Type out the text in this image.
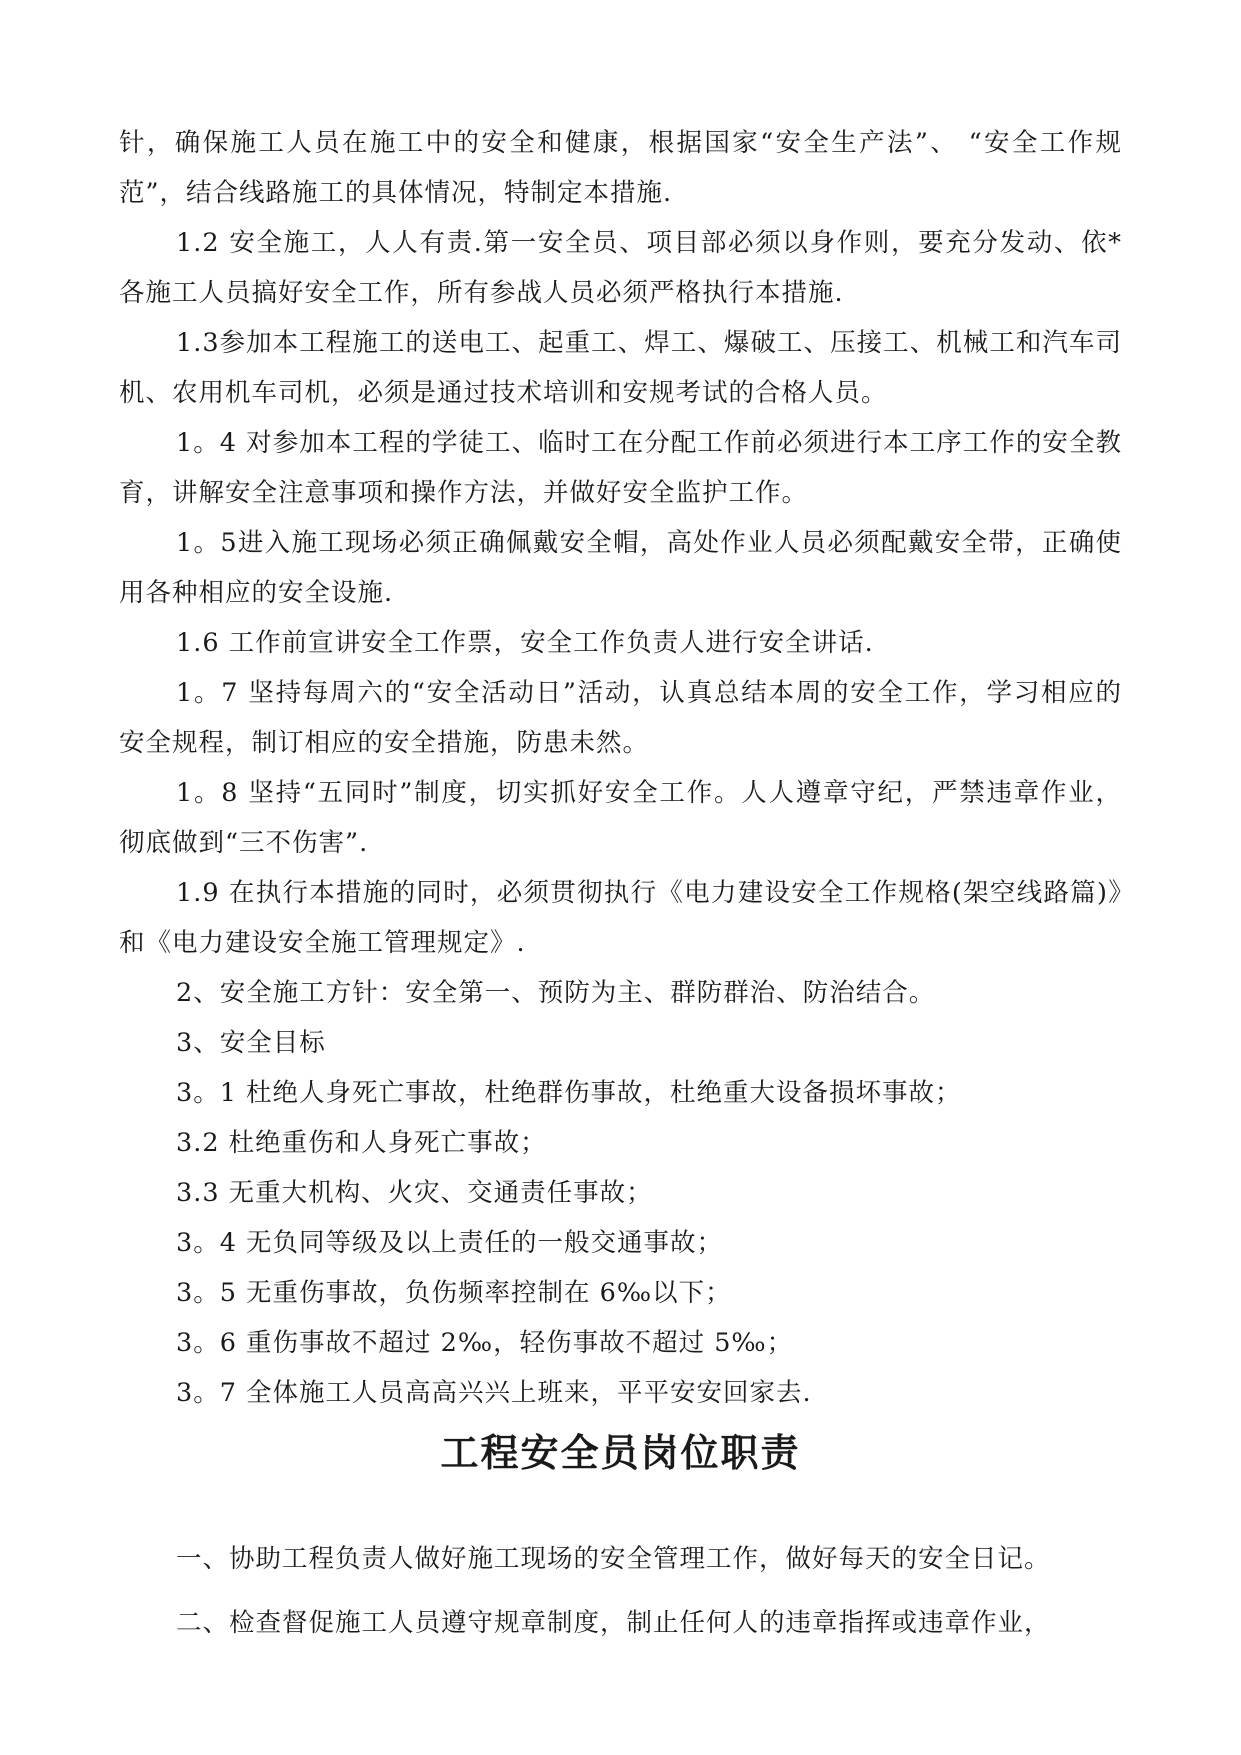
针，确保施工人员在施工中的安全和健康，根据国家“安全生产法”、 “安全工作规范”，结合线路施工的具体情况，特制定本措施.

1.2 安全施工，人人有责.第一安全员、项目部必须以身作则，要充分发动、依*各施工人员搞好安全工作，所有参战人员必须严格执行本措施.

1.3参加本工程施工的送电工、起重工、焊工、爆破工、压接工、机械工和汽车司机、农用机车司机，必须是通过技术培训和安规考试的合格人员。

1。4 对参加本工程的学徒工、临时工在分配工作前必须进行本工序工作的安全教育，讲解安全注意事项和操作方法，并做好安全监护工作。

1。5进入施工现场必须正确佩戴安全帽，高处作业人员必须配戴安全带，正确使用各种相应的安全设施.

1.6 工作前宣讲安全工作票，安全工作负责人进行安全讲话.

1。7 坚持每周六的“安全活动日”活动，认真总结本周的安全工作，学习相应的安全规程，制订相应的安全措施，防患未然。

1。8 坚持“五同时”制度，切实抓好安全工作。人人遵章守纪，严禁违章作业，彻底做到“三不伤害”.

1.9 在执行本措施的同时，必须贯彻执行《电力建设安全工作规格(架空线路篇)》和《电力建设安全施工管理规定》.

2、安全施工方针：安全第一、预防为主、群防群治、防治结合。

3、安全目标

3。1 杜绝人身死亡事故，杜绝群伤事故，杜绝重大设备损坏事故；

3.2 杜绝重伤和人身死亡事故；

3.3 无重大机构、火灾、交通责任事故；

3。4 无负同等级及以上责任的一般交通事故；

3。5 无重伤事故，负伤频率控制在 6‰以下；

3。6 重伤事故不超过 2‰，轻伤事故不超过 5‰；

3。7 全体施工人员高高兴兴上班来，平平安安回家去.

工程安全员岗位职责

一、协助工程负责人做好施工现场的安全管理工作，做好每天的安全日记。

二、检查督促施工人员遵守规章制度，制止任何人的违章指挥或违章作业，
